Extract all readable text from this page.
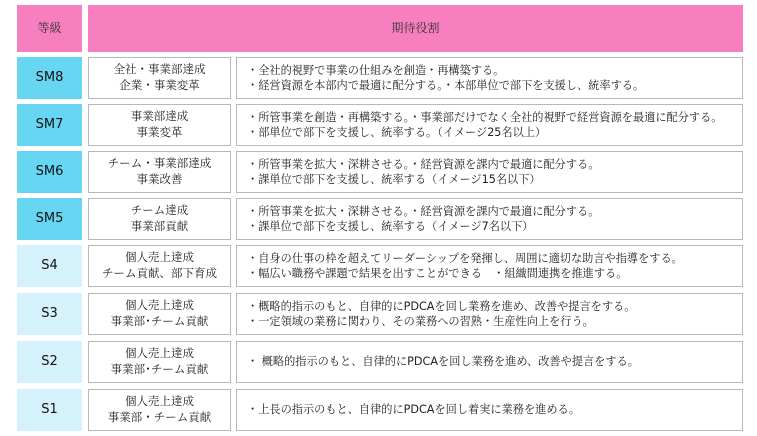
等級	期待役割
SM8
全社・事業部達成
企業・事業変革
・全社的視野で事業の仕組みを創造・再構築する。
・経営資源を本部内で最適に配分する。・本部単位で部下を支援し、統率する。
SM7
事業部達成
事業変革
・所管事業を創造・再構築する。・事業部だけでなく全社的視野で経営資源を最適に配分する。
・部単位で部下を支援し、統率する。（イメージ25名以上）
SM6
チーム・事業部達成
事業改善
・所管事業を拡大・深耕させる。・経営資源を課内で最適に配分する。
・課単位で部下を支援し、統率する（イメージ15名以下）
SM5
チーム達成
事業部貢献
・所管事業を拡大・深耕させる。・経営資源を課内で最適に配分する。
・課単位で部下を支援し、統率する（イメージ7名以下）
S4
個人売上達成
チーム貢献、部下育成
・自身の仕事の枠を超えてリーダーシップを発揮し、周囲に適切な助言や指導をする。
・幅広い職務や課題で結果を出すことができる　・組織間連携を推進する。
S3
個人売上達成
事業部･チーム貢献
・概略的指示のもと、自律的にPDCAを回し業務を進め、改善や提言をする。
・一定領域の業務に関わり、その業務への習熟・生産性向上を行う。
S2
個人売上達成
事業部･チーム貢献
・ 概略的指示のもと、自律的にPDCAを回し業務を進め、改善や提言をする。
S1
個人売上達成
事業部・チーム貢献
・上長の指示のもと、自律的にPDCAを回し着実に業務を進める。
